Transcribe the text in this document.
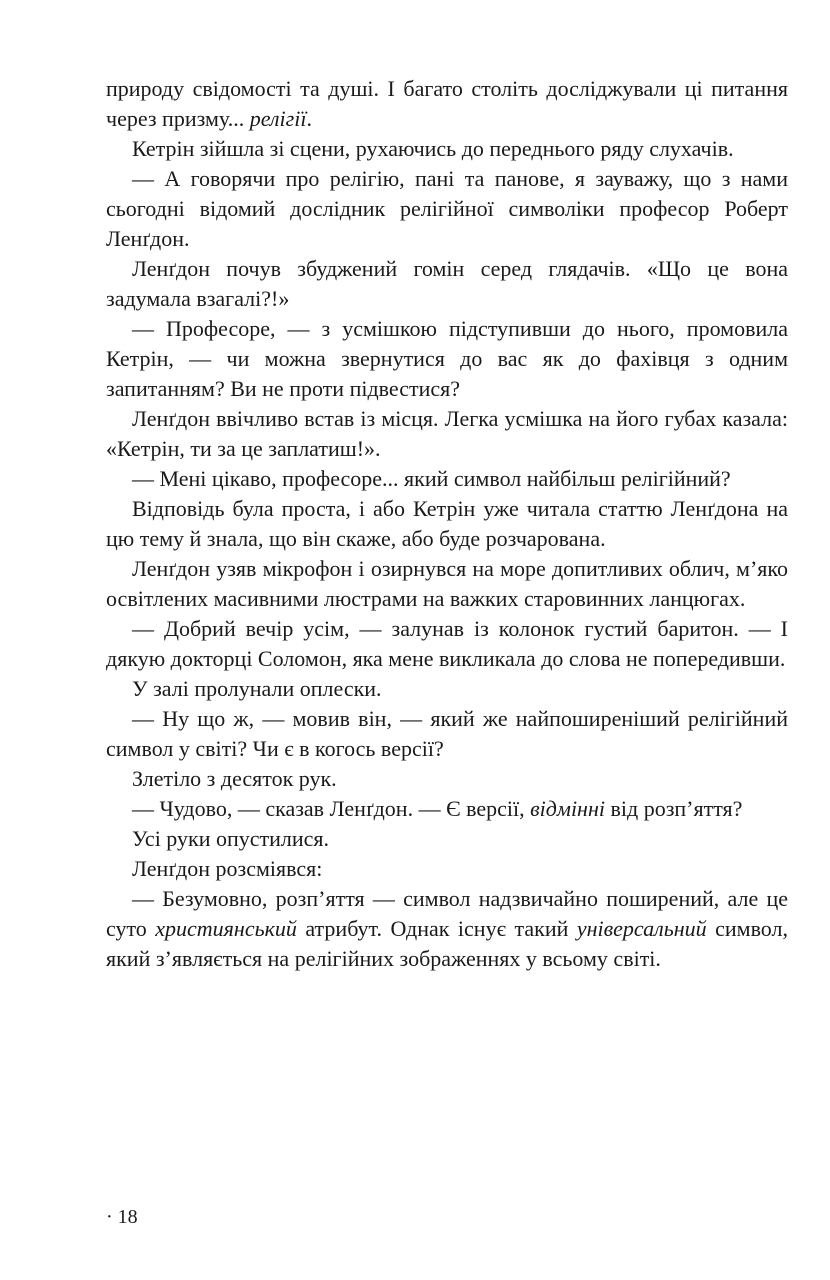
природу свідомості та душі. І багато століть досліджували ці питання через призму... релігії.

Кетрін зійшла зі сцени, рухаючись до переднього ряду слухачів.

— А говорячи про релігію, пані та панове, я зауважу, що з нами сьогодні відомий дослідник релігійної символіки професор Роберт Ленґдон.

Ленґдон почув збуджений гомін серед глядачів. «Що це вона задумала взагалі?!»

— Професоре, — з усмішкою підступивши до нього, промовила Кетрін, — чи можна звернутися до вас як до фахівця з одним запитанням? Ви не проти підвестися?

Ленґдон ввічливо встав із місця. Легка усмішка на його губах казала: «Кетрін, ти за це заплатиш!».

— Мені цікаво, професоре... який символ найбільш релігійний?

Відповідь була проста, і або Кетрін уже читала статтю Ленґдона на цю тему й знала, що він скаже, або буде розчарована.

Ленґдон узяв мікрофон і озирнувся на море допитливих облич, м’яко освітлених масивними люстрами на важких старовинних ланцюгах.

— Добрий вечір усім, — залунав із колонок густий баритон. — І дякую докторці Соломон, яка мене викликала до слова не попередивши.

У залі пролунали оплески.

— Ну що ж, — мовив він, — який же найпоширеніший релігійний символ у світі? Чи є в когось версії?

Злетіло з десяток рук.

— Чудово, — сказав Ленґдон. — Є версії, відмінні від розп’яття?

Усі руки опустилися.

Ленґдон розсміявся:

— Безумовно, розп’яття — символ надзвичайно поширений, але це суто християнський атрибут. Однак існує такий універсальний символ, який з’являється на релігійних зображеннях у всьому світі.

· 18
